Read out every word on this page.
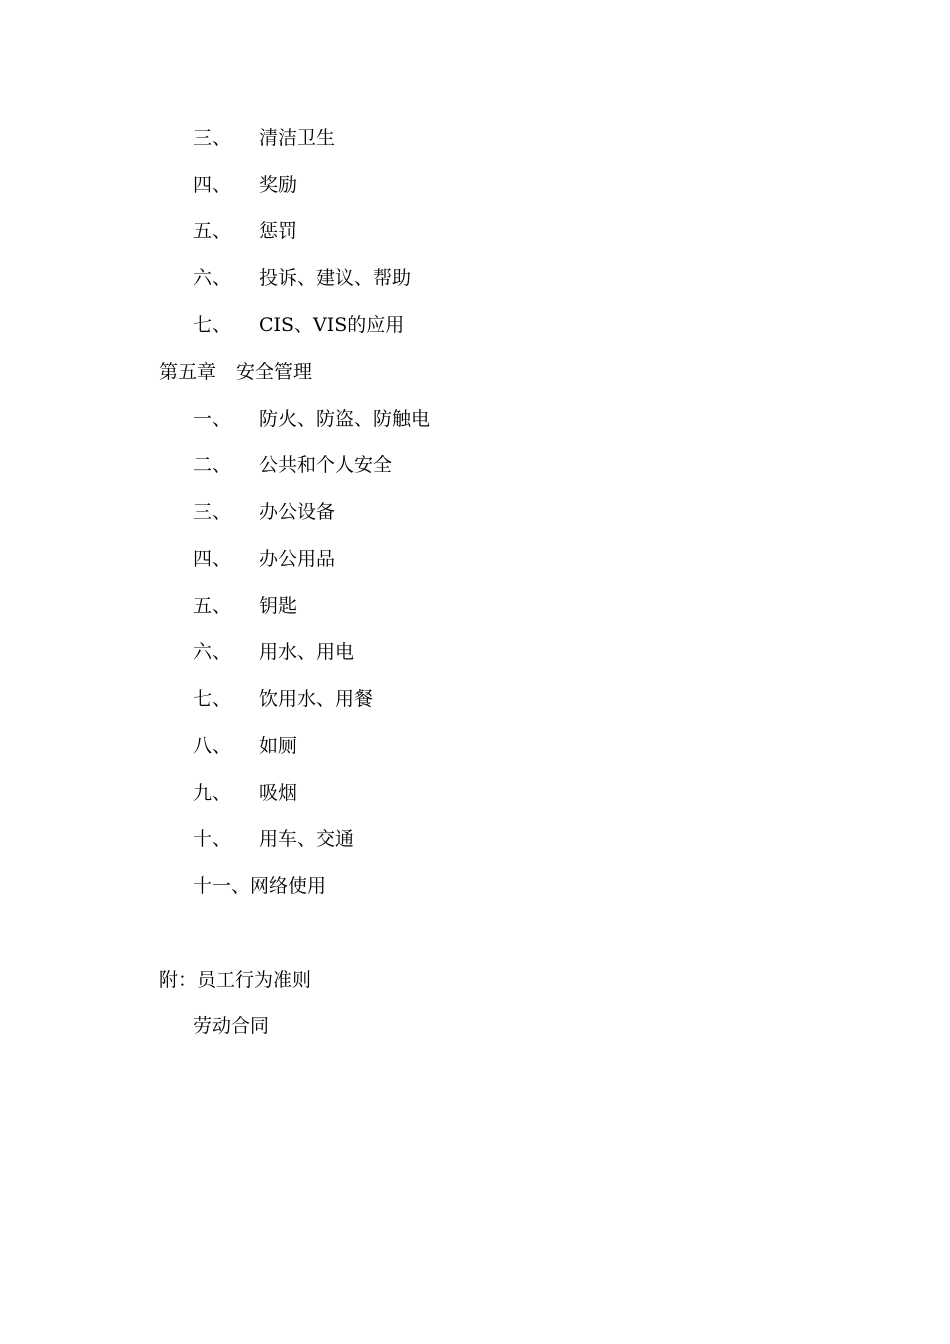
三、 清洁卫生
四、 奖励
五、 惩罚
六、 投诉、建议、帮助
七、 CIS、VIS的应用
第五章 安全管理
一、 防火、防盗、防触电
二、 公共和个人安全
三、 办公设备
四、 办公用品
五、 钥匙
六、 用水、用电
七、 饮用水、用餐
八、 如厕
九、 吸烟
十、 用车、交通
十一、网络使用
附：员工行为准则
劳动合同
